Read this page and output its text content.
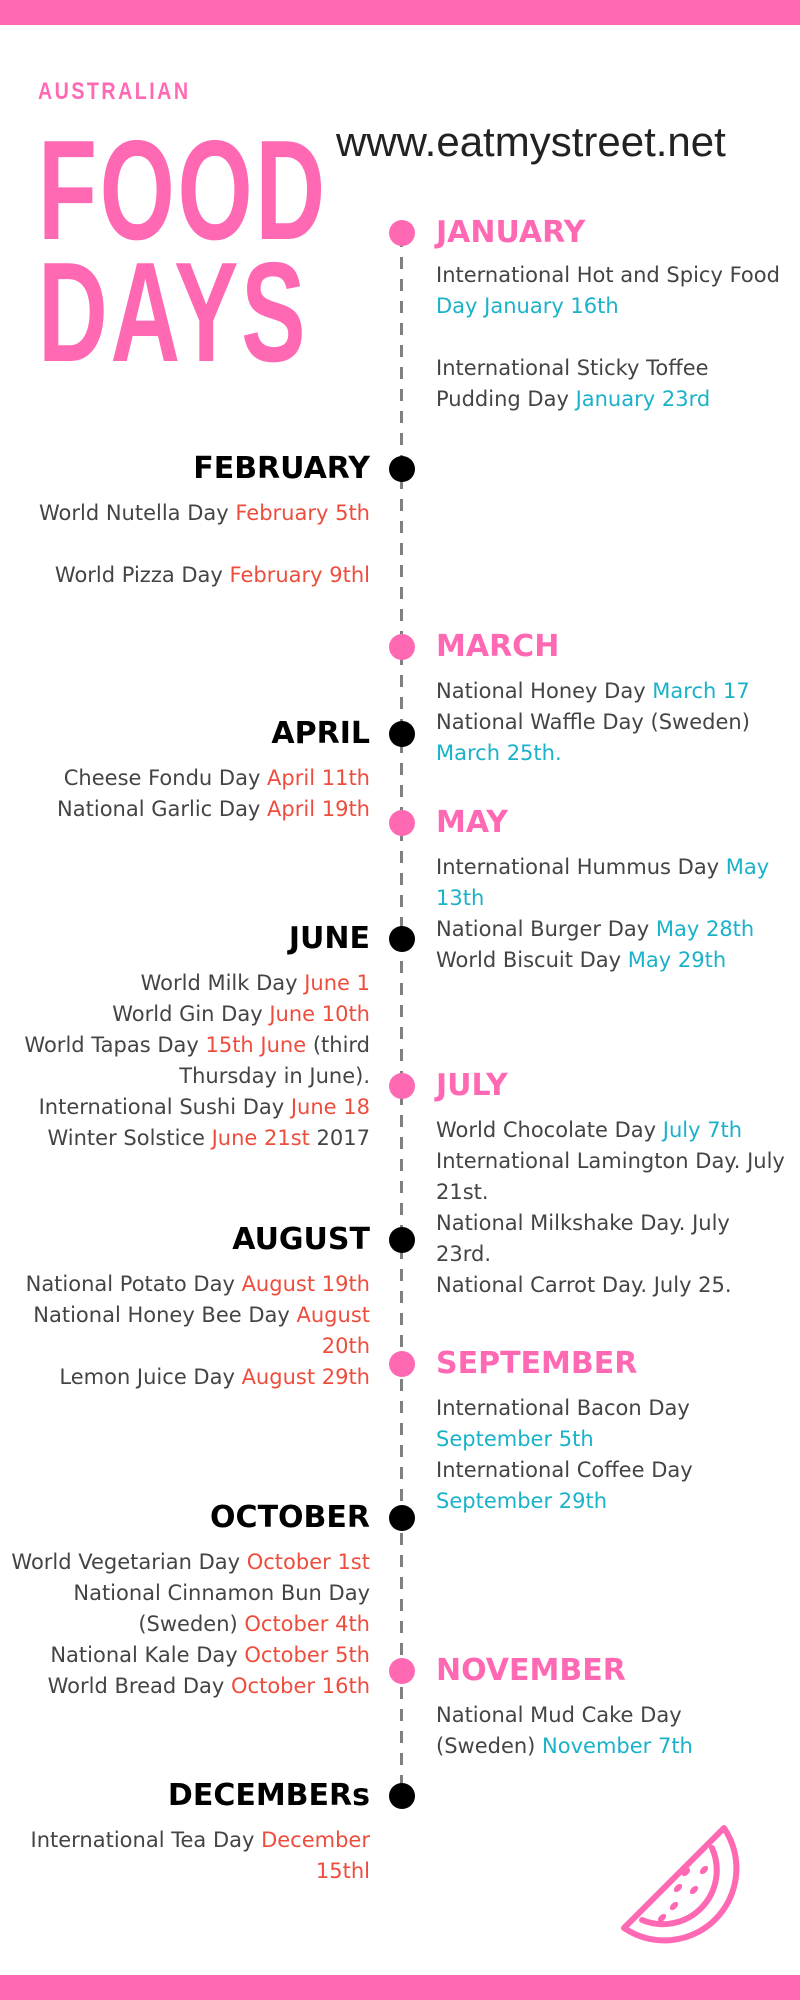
AUSTRALIAN
FOOD
DAYS
www.eatmystreet.net
JANUARY

International Hot and Spicy Food Day January 16th

International Sticky Toffee Pudding Day January 23rd

FEBRUARY

World Nutella Day February 5th

World Pizza Day February 9thl

MARCH

National Honey Day March 17

National Waffle Day (Sweden) March 25th.

APRIL

Cheese Fondu Day April 11th

National Garlic Day April 19th MAY

International Hummus Day May 13th

National Burger Day May 28th

World Biscuit Day May 29th

JUNE

World Milk Day June 1

World Gin Day June 10th

World Tapas Day 15th June (third Thursday in June).

International Sushi Day June 18

Winter Solstice June 21st 2017

JULY

World Chocolate Day July 7th

International Lamington Day. July 21st.

National Milkshake Day. July 23rd.

National Carrot Day. July 25.

AUGUST

National Potato Day August 19th

National Honey Bee Day August 20th

Lemon Juice Day August 29th SEPTEMBER

International Bacon Day September 5th

International Coffee Day September 29th

OCTOBER

World Vegetarian Day October 1st

National Cinnamon Bun Day (Sweden) October 4th

National Kale Day October 5th

World Bread Day October 16th NOVEMBER

National Mud Cake Day (Sweden) November 7th

DECEMBERs

International Tea Day December 15thl
